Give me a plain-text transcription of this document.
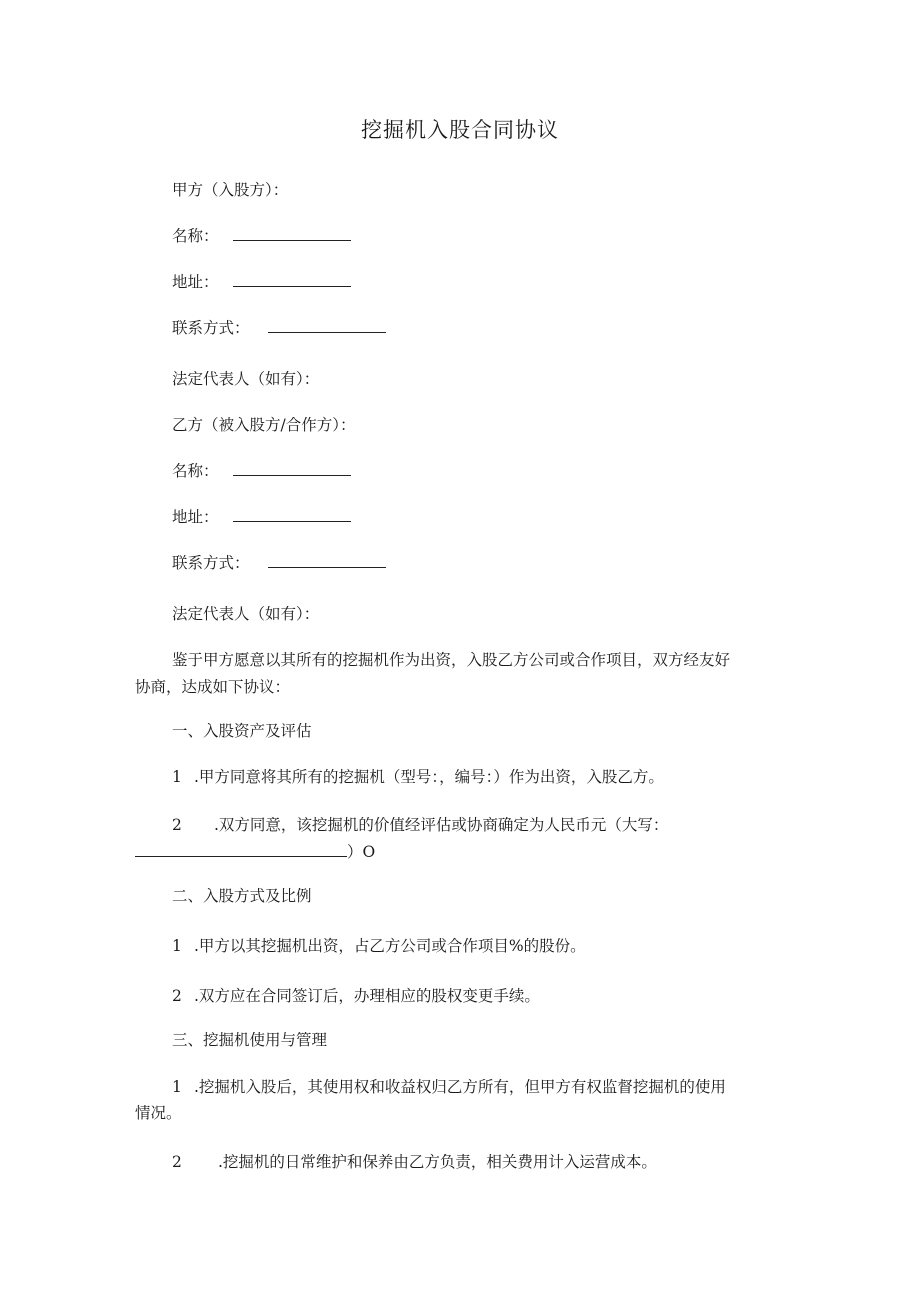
挖掘机入股合同协议
甲方（入股方）：
名称：
地址：
联系方式：
法定代表人（如有）：
乙方（被入股方/合作方）：
名称：
地址：
联系方式：
法定代表人（如有）：
鉴于甲方愿意以其所有的挖掘机作为出资，入股乙方公司或合作项目，双方经友好
协商，达成如下协议：
一、入股资产及评估
1 .甲方同意将其所有的挖掘机（型号：，编号：）作为出资，入股乙方。
2 .双方同意，该挖掘机的价值经评估或协商确定为人民币元（大写：
）O
二、入股方式及比例
1 .甲方以其挖掘机出资，占乙方公司或合作项目%的股份。
2 .双方应在合同签订后，办理相应的股权变更手续。
三、挖掘机使用与管理
1 .挖掘机入股后，其使用权和收益权归乙方所有，但甲方有权监督挖掘机的使用
情况。
2 .挖掘机的日常维护和保养由乙方负责，相关费用计入运营成本。
